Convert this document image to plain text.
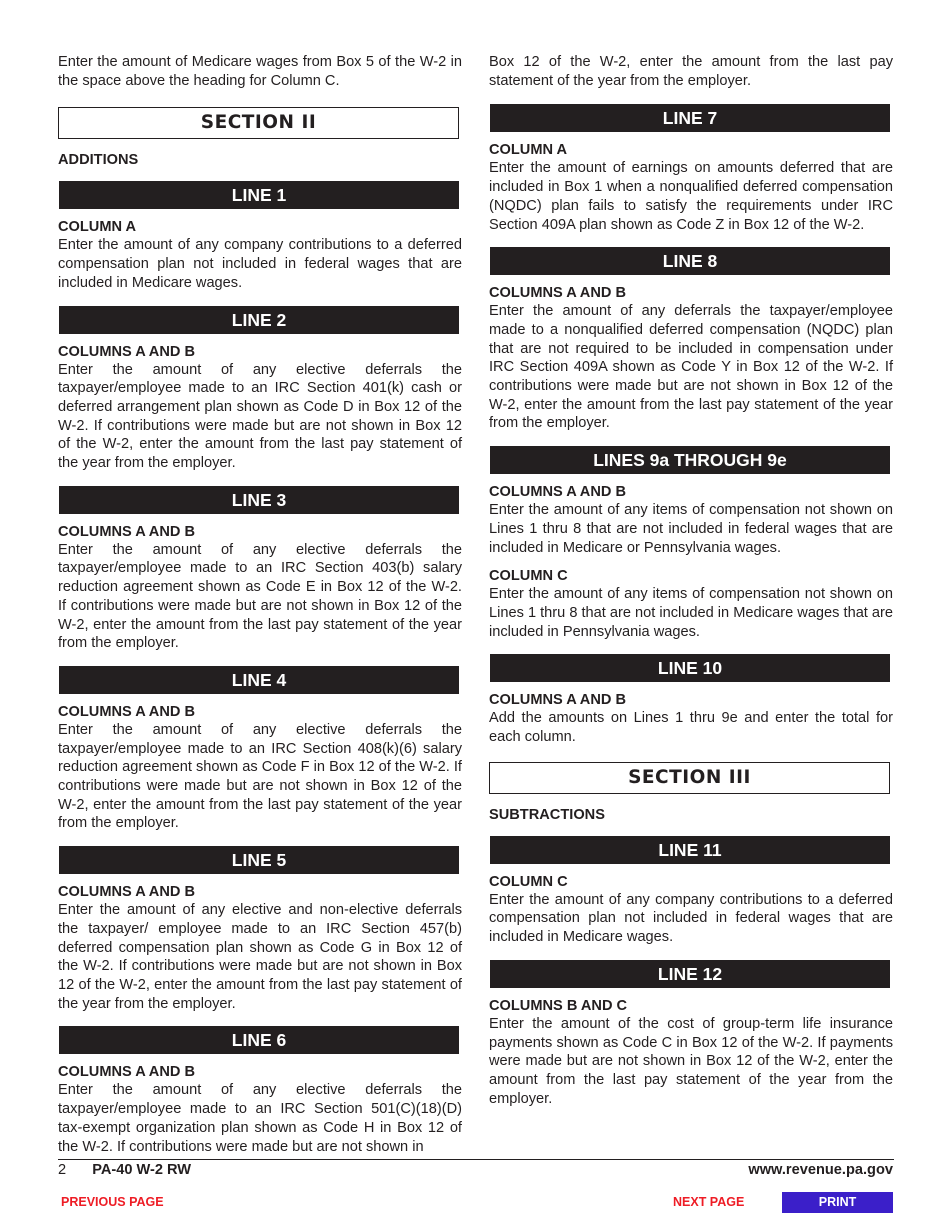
Enter the amount of Medicare wages from Box 5 of the W-2 in the space above the heading for Column C.

SECTION II
ADDITIONS
LINE 1
COLUMN A

Enter the amount of any company contributions to a deferred compensation plan not included in federal wages that are included in Medicare wages.

LINE 2
COLUMNS A AND B

Enter the amount of any elective deferrals the taxpayer/employee made to an IRC Section 401(k) cash or deferred arrangement plan shown as Code D in Box 12 of the W-2. If contributions were made but are not shown in Box 12 of the W-2, enter the amount from the last pay statement of the year from the employer.

LINE 3
COLUMNS A AND B

Enter the amount of any elective deferrals the taxpayer/employee made to an IRC Section 403(b) salary reduction agreement shown as Code E in Box 12 of the W-2. If contributions were made but are not shown in Box 12 of the W-2, enter the amount from the last pay statement of the year from the employer.

LINE 4
COLUMNS A AND B

Enter the amount of any elective deferrals the taxpayer/employee made to an IRC Section 408(k)(6) salary reduction agreement shown as Code F in Box 12 of the W-2. If contributions were made but are not shown in Box 12 of the W-2, enter the amount from the last pay statement of the year from the employer.

LINE 5
COLUMNS A AND B

Enter the amount of any elective and non-elective deferrals the taxpayer/ employee made to an IRC Section 457(b) deferred compensation plan shown as Code G in Box 12 of the W-2. If contributions were made but are not shown in Box 12 of the W-2, enter the amount from the last pay statement of the year from the employer.

LINE 6
COLUMNS A AND B

Enter the amount of any elective deferrals the taxpayer/employee made to an IRC Section 501(C)(18)(D) tax-exempt organization plan shown as Code H in Box 12 of the W-2. If contributions were made but are not shown in

Box 12 of the W-2, enter the amount from the last pay statement of the year from the employer.

LINE 7
COLUMN A

Enter the amount of earnings on amounts deferred that are included in Box 1 when a nonqualified deferred compensation (NQDC) plan fails to satisfy the requirements under IRC Section 409A plan shown as Code Z in Box 12 of the W-2.

LINE 8
COLUMNS A AND B

Enter the amount of any deferrals the taxpayer/employee made to a nonqualified deferred compensation (NQDC) plan that are not required to be included in compensation under IRC Section 409A shown as Code Y in Box 12 of the W-2. If contributions were made but are not shown in Box 12 of the W-2, enter the amount from the last pay statement of the year from the employer.

LINES 9a THROUGH 9e
COLUMNS A AND B

Enter the amount of any items of compensation not shown on Lines 1 thru 8 that are not included in federal wages that are included in Medicare or Pennsylvania wages.

COLUMN C

Enter the amount of any items of compensation not shown on Lines 1 thru 8 that are not included in Medicare wages that are included in Pennsylvania wages.

LINE 10
COLUMNS A AND B

Add the amounts on Lines 1 thru 9e and enter the total for each column.

SECTION III
SUBTRACTIONS
LINE 11
COLUMN C

Enter the amount of any company contributions to a deferred compensation plan not included in federal wages that are included in Medicare wages.

LINE 12
COLUMNS B AND C

Enter the amount of the cost of group-term life insurance payments shown as Code C in Box 12 of the W-2. If payments were made but are not shown in Box 12 of the W-2, enter the amount from the last pay statement of the year from the employer.

2 PA-40 W-2 RW	www.revenue.pa.gov
PREVIOUS PAGE	NEXT PAGE	PRINT
